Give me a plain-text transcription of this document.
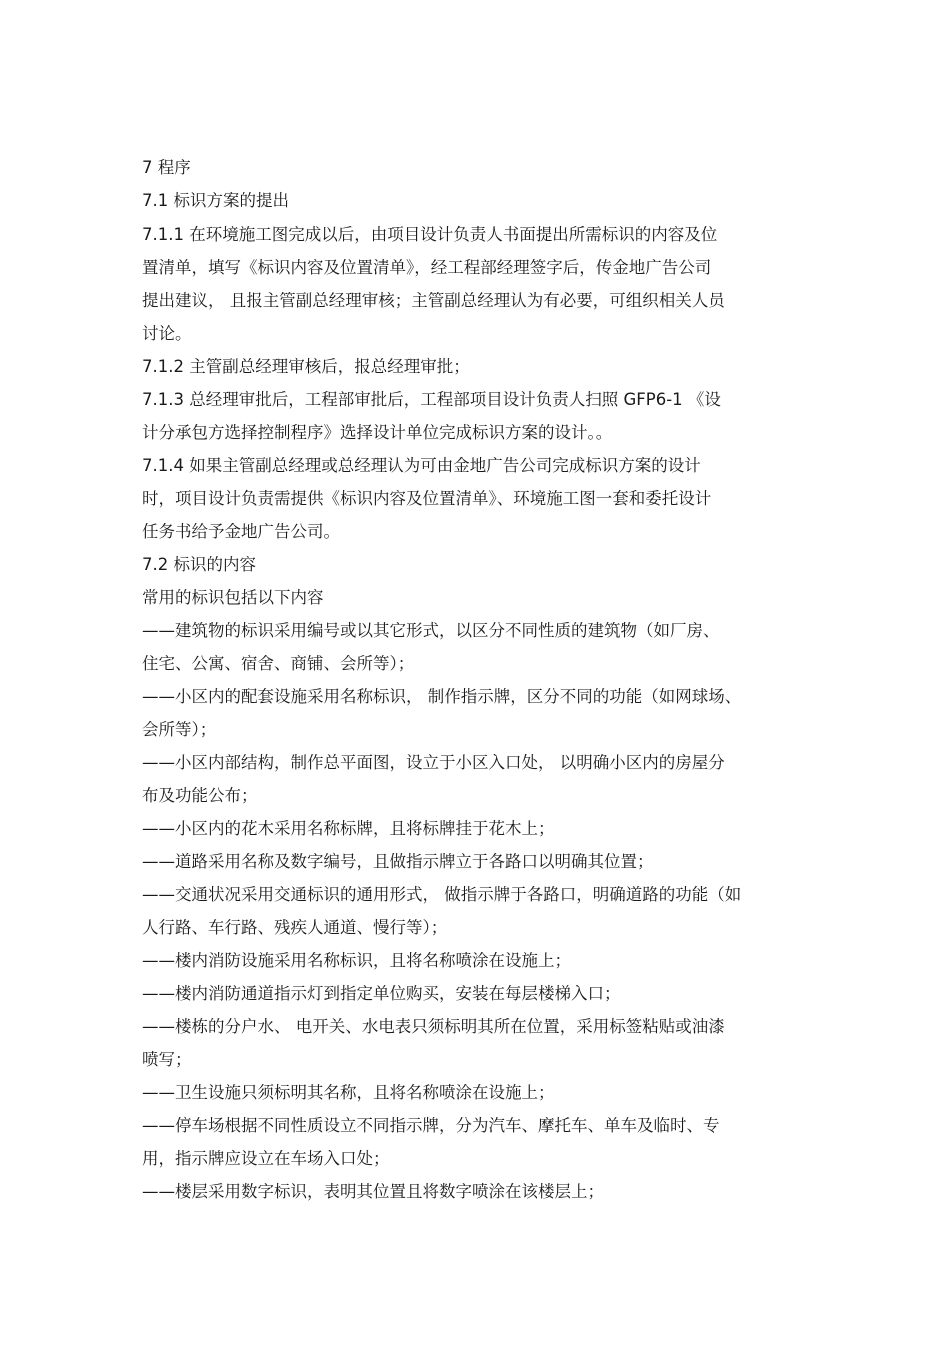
7 程序
7.1 标识方案的提出
7.1.1 在环境施工图完成以后，由项目设计负责人书面提出所需标识的内容及位
置清单，填写《标识内容及位置清单》，经工程部经理签字后，传金地广告公司
提出建议， 且报主管副总经理审核；主管副总经理认为有必要，可组织相关人员
讨论。
7.1.2 主管副总经理审核后，报总经理审批；
7.1.3 总经理审批后，工程部审批后，工程部项目设计负责人扫照 GFP6-1 《设
计分承包方选择控制程序》选择设计单位完成标识方案的设计。。
7.1.4 如果主管副总经理或总经理认为可由金地广告公司完成标识方案的设计
时，项目设计负责需提供《标识内容及位置清单》、环境施工图一套和委托设计
任务书给予金地广告公司。
7.2 标识的内容
常用的标识包括以下内容
——建筑物的标识采用编号或以其它形式，以区分不同性质的建筑物（如厂房、
住宅、公寓、宿舍、商铺、会所等）；
——小区内的配套设施采用名称标识， 制作指示牌，区分不同的功能（如网球场、
会所等）；
——小区内部结构，制作总平面图，设立于小区入口处， 以明确小区内的房屋分
布及功能公布；
——小区内的花木采用名称标牌，且将标牌挂于花木上；
——道路采用名称及数字编号，且做指示牌立于各路口以明确其位置；
——交通状况采用交通标识的通用形式， 做指示牌于各路口，明确道路的功能（如
人行路、车行路、残疾人通道、慢行等）；
——楼内消防设施采用名称标识，且将名称喷涂在设施上；
——楼内消防通道指示灯到指定单位购买，安装在每层楼梯入口；
——楼栋的分户水、 电开关、水电表只须标明其所在位置，采用标签粘贴或油漆
喷写；
——卫生设施只须标明其名称，且将名称喷涂在设施上；
——停车场根据不同性质设立不同指示牌，分为汽车、摩托车、单车及临时、专
用，指示牌应设立在车场入口处；
——楼层采用数字标识，表明其位置且将数字喷涂在该楼层上；
